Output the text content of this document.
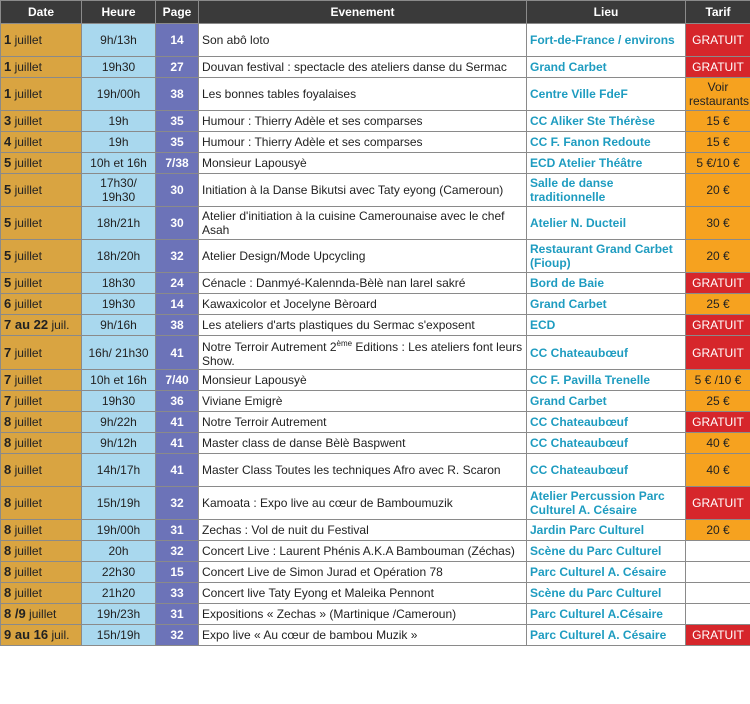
Date	Heure	Page	Evenement	Lieu	Tarif
1 juillet	9h/13h	14	Son abô loto	Fort-de-France / environs	GRATUIT
1 juillet	19h30	27	Douvan festival : spectacle des ateliers danse du Sermac	Grand Carbet	GRATUIT
1 juillet	19h/00h	38	Les bonnes tables foyalaises	Centre Ville FdeF	Voir restaurants
3 juillet	19h	35	Humour : Thierry Adèle et ses comparses	CC Aliker Ste Thérèse	15 €
4 juillet	19h	35	Humour : Thierry Adèle et ses comparses	CC F. Fanon Redoute	15 €
5 juillet	10h et 16h	7/38	Monsieur Lapousyè	ECD Atelier Théâtre	5 €/10 €
5 juillet	17h30/ 19h30	30	Initiation à la Danse Bikutsi avec Taty eyong (Cameroun)	Salle de danse traditionnelle	20 €
5 juillet	18h/21h	30	Atelier d'initiation à la cuisine Camerounaise avec le chef Asah	Atelier N. Ducteil	30 €
5 juillet	18h/20h	32	Atelier Design/Mode Upcycling	Restaurant Grand Carbet (Fioup)	20 €
5 juillet	18h30	24	Cénacle : Danmyé-Kalennda-Bèlè nan larel sakré	Bord de Baie	GRATUIT
6 juillet	19h30	14	Kawaxicolor et Jocelyne Bèroard	Grand Carbet	25 €
7 au 22 juil.	9h/16h	38	Les ateliers d'arts plastiques du Sermac s'exposent	ECD	GRATUIT
7 juillet	16h/ 21h30	41	Notre Terroir Autrement 2ème Editions : Les ateliers font leurs Show.	CC Chateaubœuf	GRATUIT
7 juillet	10h et 16h	7/40	Monsieur Lapousyè	CC F. Pavilla Trenelle	5 € /10 €
7 juillet	19h30	36	Viviane Emigrè	Grand Carbet	25 €
8 juillet	9h/22h	41	Notre Terroir Autrement	CC Chateaubœuf	GRATUIT
8 juillet	9h/12h	41	Master class de danse Bèlè Baspwent	CC Chateaubœuf	40 €
8 juillet	14h/17h	41	Master Class Toutes les techniques Afro avec R. Scaron	CC Chateaubœuf	40 €
8 juillet	15h/19h	32	Kamoata : Expo live au cœur de Bamboumuzik	Atelier Percussion Parc Culturel A. Césaire	GRATUIT
8 juillet	19h/00h	31	Zechas : Vol de nuit du Festival	Jardin Parc Culturel	20 €
8 juillet	20h	32	Concert Live : Laurent Phénis A.K.A Bambouman (Zéchas)	Scène du Parc Culturel	
8 juillet	22h30	15	Concert Live de Simon Jurad et Opération 78	Parc Culturel A. Césaire	
8 juillet	21h20	33	Concert live Taty Eyong et Maleika Pennont	Scène du Parc Culturel	
8 /9 juillet	19h/23h	31	Expositions « Zechas » (Martinique /Cameroun)	Parc Culturel A.Césaire	
9 au 16 juil.	15h/19h	32	Expo live « Au cœur de bambou Muzik »	Parc Culturel A. Césaire	GRATUIT
